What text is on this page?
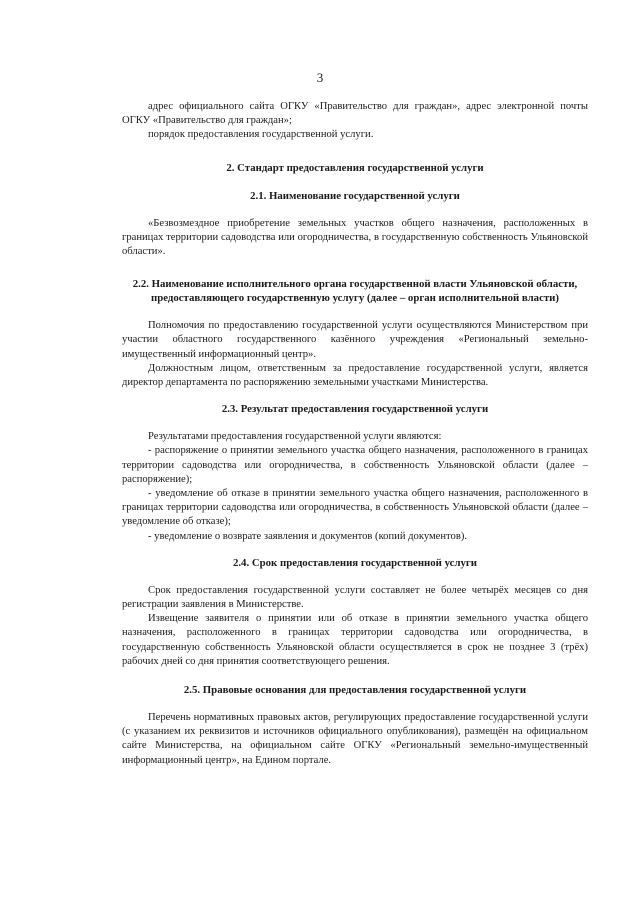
3

адрес официального сайта ОГКУ «Правительство для граждан», адрес электронной почты ОГКУ «Правительство для граждан»;

порядок предоставления государственной услуги.

2. Стандарт предоставления государственной услуги

2.1. Наименование государственной услуги

«Безвозмездное приобретение земельных участков общего назначения, расположенных в границах территории садоводства или огородничества, в государственную собственность Ульяновской области».

2.2. Наименование исполнительного органа государственной власти Ульяновской области, предоставляющего государственную услугу (далее – орган исполнительной власти)

Полномочия по предоставлению государственной услуги осуществляются Министерством при участии областного государственного казённого учреждения «Региональный земельно-имущественный информационный центр».

Должностным лицом, ответственным за предоставление государственной услуги, является директор департамента по распоряжению земельными участками Министерства.

2.3. Результат предоставления государственной услуги

Результатами предоставления государственной услуги являются:

- распоряжение о принятии земельного участка общего назначения, расположенного в границах территории садоводства или огородничества, в собственность Ульяновской области (далее – распоряжение);

- уведомление об отказе в принятии земельного участка общего назначения, расположенного в границах территории садоводства или огородничества, в собственность Ульяновской области (далее – уведомление об отказе);

- уведомление о возврате заявления и документов (копий документов).

2.4. Срок предоставления государственной услуги

Срок предоставления государственной услуги составляет не более четырёх месяцев со дня регистрации заявления в Министерстве.

Извещение заявителя о принятии или об отказе в принятии земельного участка общего назначения, расположенного в границах территории садоводства или огородничества, в государственную собственность Ульяновской области осуществляется в срок не позднее 3 (трёх) рабочих дней со дня принятия соответствующего решения.

2.5. Правовые основания для предоставления государственной услуги

Перечень нормативных правовых актов, регулирующих предоставление государственной услуги (с указанием их реквизитов и источников официального опубликования), размещён на официальном сайте Министерства, на официальном сайте ОГКУ «Региональный земельно-имущественный информационный центр», на Едином портале.
